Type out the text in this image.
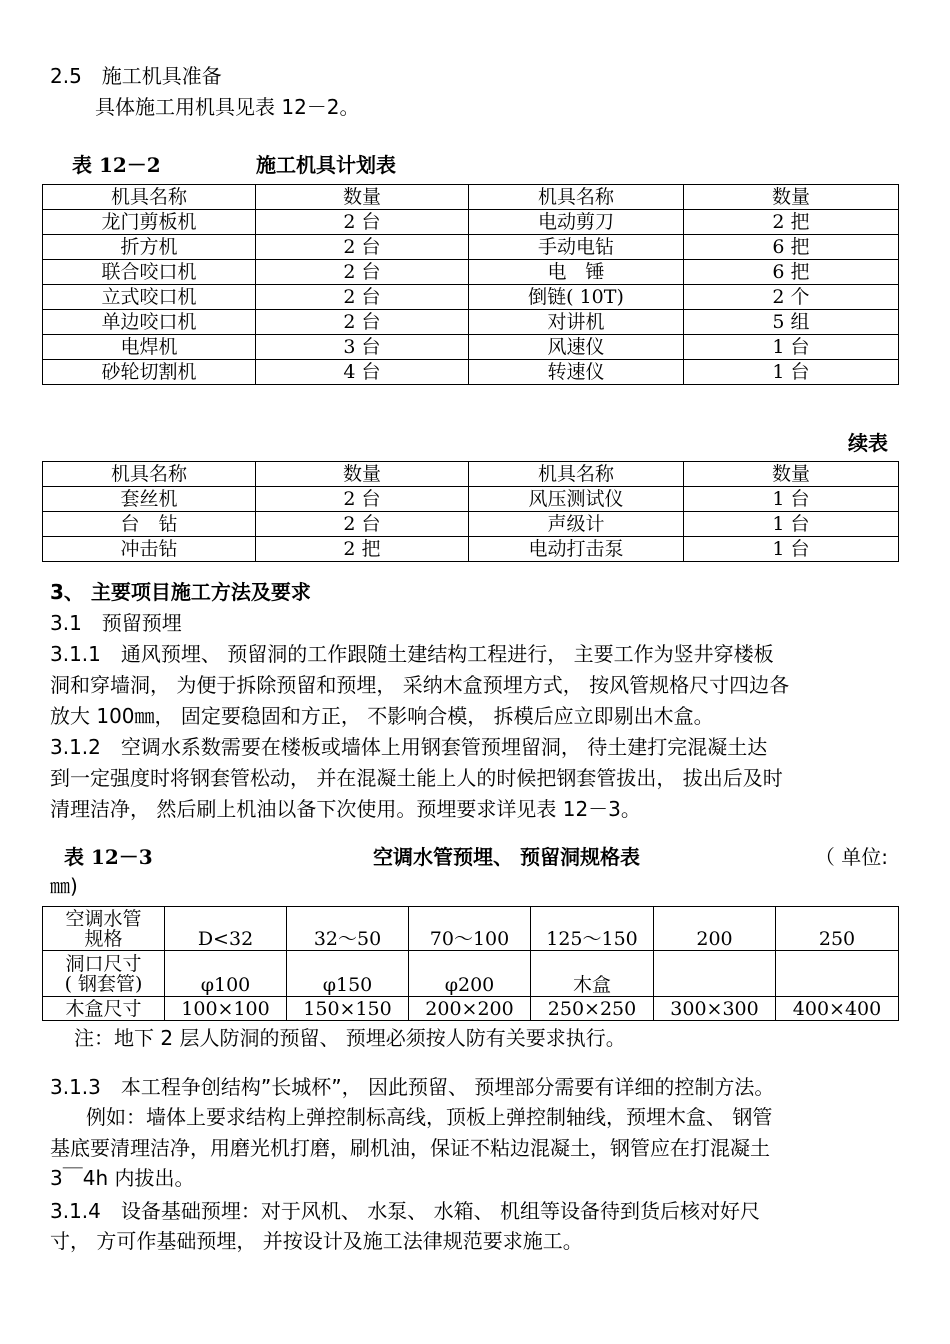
2.5　施工机具准备
具体施工用机具见表 12－2。
表 12－2	施工机具计划表
机具名称	数量	机具名称	数量
龙门剪板机	2 台	电动剪刀	2 把
折方机	2 台	手动电钻	6 把
联合咬口机	2 台	电　锤	6 把
立式咬口机	2 台	倒链( 10T)	2 个
单边咬口机	2 台	对讲机	5 组
电焊机	3 台	风速仪	1 台
砂轮切割机	4 台	转速仪	1 台
续表
机具名称	数量	机具名称	数量
套丝机	2 台	风压测试仪	1 台
台　钻	2 台	声级计	1 台
冲击钻	2 把	电动打击泵	1 台
3、 主要项目施工方法及要求
3.1　预留预埋
3.1.1　通风预埋、 预留洞的工作跟随土建结构工程进行， 主要工作为竖井穿楼板
洞和穿墙洞， 为便于拆除预留和预埋， 采纳木盒预埋方式， 按风管规格尺寸四边各
放大 100㎜， 固定要稳固和方正， 不影响合模， 拆模后应立即剔出木盒。
3.1.2　空调水系数需要在楼板或墙体上用钢套管预埋留洞， 待土建打完混凝土达
到一定强度时将钢套管松动， 并在混凝土能上人的时候把钢套管拔出， 拔出后及时
清理洁净， 然后刷上机油以备下次使用。预埋要求详见表 12－3。
表 12－3	空调水管预埋、 预留洞规格表	（ 单位:
㎜)
空调水管
规格	D<32	32～50	70～100	125～150	200	250

洞口尺寸
( 钢套管)	φ100	φ150	φ200	木盒		
木盒尺寸	100×100	150×150	200×200	250×250	300×300	400×400
注：地下 2 层人防洞的预留、 预埋必须按人防有关要求执行。
3.1.3　本工程争创结构”长城杯”， 因此预留、 预埋部分需要有详细的控制方法。
例如：墙体上要求结构上弹控制标高线，顶板上弹控制轴线，预埋木盒、 钢管
基底要清理洁净，用磨光机打磨，刷机油，保证不粘边混凝土，钢管应在打混凝土
3￣4h 内拔出。
3.1.4　设备基础预埋：对于风机、 水泵、 水箱、 机组等设备待到货后核对好尺
寸， 方可作基础预埋， 并按设计及施工法律规范要求施工。
